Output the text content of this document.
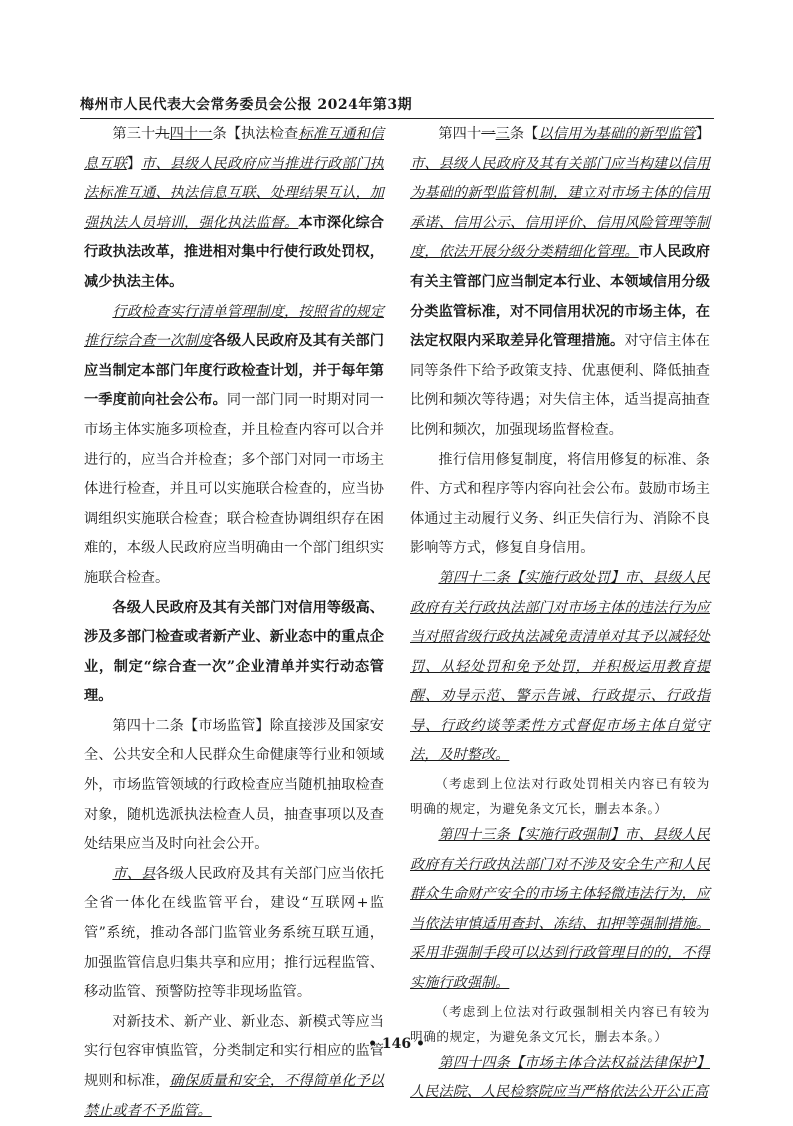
梅州市人民代表大会常务委员会公报 2024年第3期

第三十九四十一条【执法检查标准互通和信息互联】市、县级人民政府应当推进行政部门执法标准互通、执法信息互联、处理结果互认，加强执法人员培训，强化执法监督。本市深化综合行政执法改革，推进相对集中行使行政处罚权，减少执法主体。

行政检查实行清单管理制度，按照省的规定推行综合查一次制度各级人民政府及其有关部门应当制定本部门年度行政检查计划，并于每年第一季度前向社会公布。同一部门同一时期对同一市场主体实施多项检查，并且检查内容可以合并进行的，应当合并检查；多个部门对同一市场主体进行检查，并且可以实施联合检查的，应当协调组织实施联合检查；联合检查协调组织存在困难的，本级人民政府应当明确由一个部门组织实施联合检查。

各级人民政府及其有关部门对信用等级高、涉及多部门检查或者新产业、新业态中的重点企业，制定“综合查一次”企业清单并实行动态管理。

第四十二条【市场监管】除直接涉及国家安全、公共安全和人民群众生命健康等行业和领域外，市场监管领域的行政检查应当随机抽取检查对象，随机选派执法检查人员，抽查事项以及查处结果应当及时向社会公开。

市、县各级人民政府及其有关部门应当依托全省一体化在线监管平台，建设“互联网+监管”系统，推动各部门监管业务系统互联互通，加强监管信息归集共享和应用；推行远程监管、移动监管、预警防控等非现场监管。

对新技术、新产业、新业态、新模式等应当实行包容审慎监管，分类制定和实行相应的监管规则和标准，确保质量和安全，不得简单化予以禁止或者不予监管。

第四十一三条【以信用为基础的新型监管】市、县级人民政府及其有关部门应当构建以信用为基础的新型监管机制，建立对市场主体的信用承诺、信用公示、信用评价、信用风险管理等制度，依法开展分级分类精细化管理。市人民政府有关主管部门应当制定本行业、本领域信用分级分类监管标准，对不同信用状况的市场主体，在法定权限内采取差异化管理措施。对守信主体在同等条件下给予政策支持、优惠便利、降低抽查比例和频次等待遇；对失信主体，适当提高抽查比例和频次，加强现场监督检查。

推行信用修复制度，将信用修复的标准、条件、方式和程序等内容向社会公布。鼓励市场主体通过主动履行义务、纠正失信行为、消除不良影响等方式，修复自身信用。

第四十二条【实施行政处罚】市、县级人民政府有关行政执法部门对市场主体的违法行为应当对照省级行政执法减免责清单对其予以减轻处罚、从轻处罚和免予处罚，并积极运用教育提醒、劝导示范、警示告诫、行政提示、行政指导、行政约谈等柔性方式督促市场主体自觉守法，及时整改。

（考虑到上位法对行政处罚相关内容已有较为明确的规定，为避免条文冗长，删去本条。）

第四十三条【实施行政强制】市、县级人民政府有关行政执法部门对不涉及安全生产和人民群众生命财产安全的市场主体轻微违法行为，应当依法审慎适用查封、冻结、扣押等强制措施。采用非强制手段可以达到行政管理目的的，不得实施行政强制。

（考虑到上位法对行政强制相关内容已有较为明确的规定，为避免条文冗长，删去本条。）

第四十四条【市场主体合法权益法律保护】人民法院、人民检察院应当严格依法公开公正高

• 146 •
